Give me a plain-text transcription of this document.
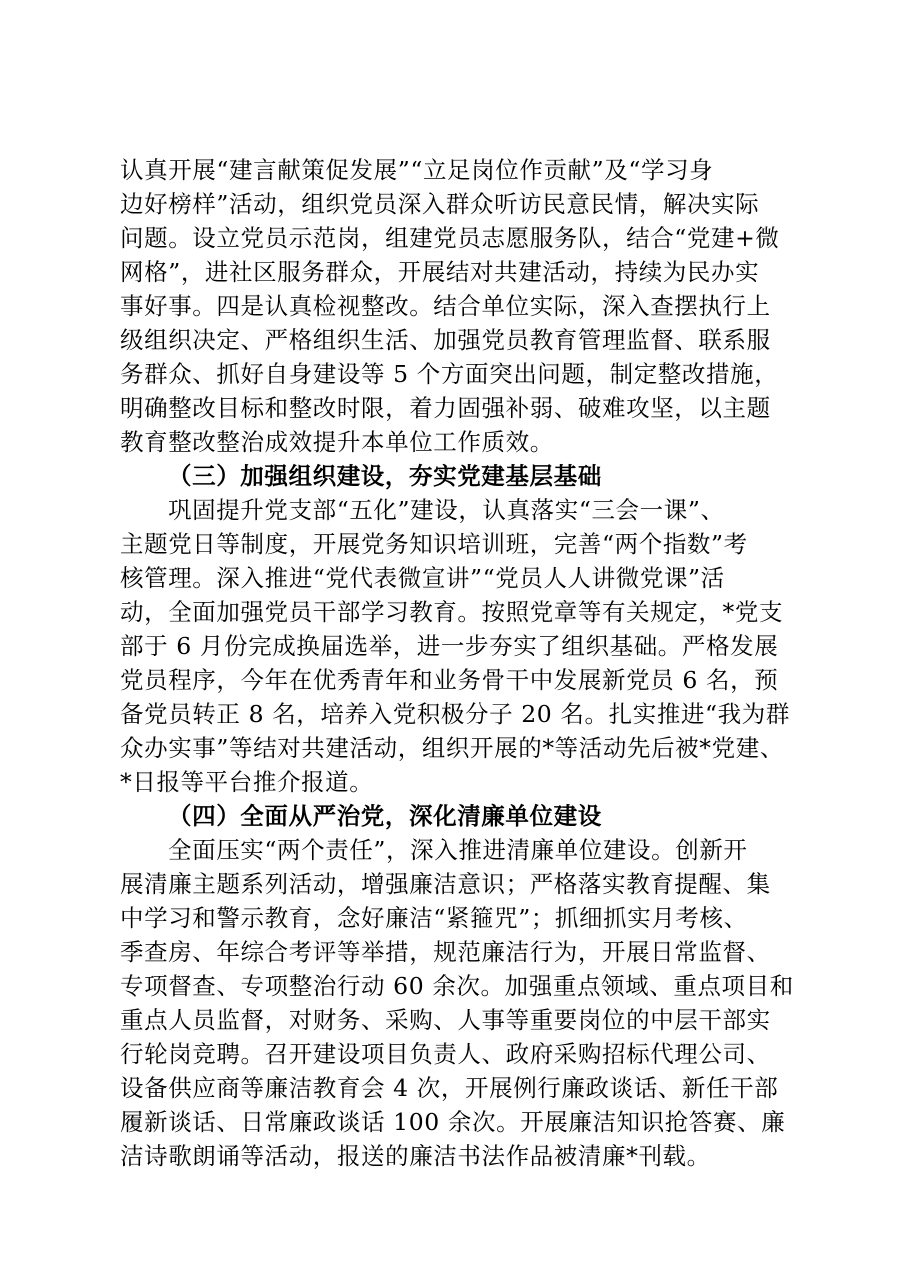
认真开展“建言献策促发展”“立足岗位作贡献”及“学习身
边好榜样”活动，组织党员深入群众听访民意民情，解决实际
问题。设立党员示范岗，组建党员志愿服务队，结合“党建+微
网格”，进社区服务群众，开展结对共建活动，持续为民办实
事好事。四是认真检视整改。结合单位实际，深入查摆执行上
级组织决定、严格组织生活、加强党员教育管理监督、联系服
务群众、抓好自身建设等 5 个方面突出问题，制定整改措施，
明确整改目标和整改时限，着力固强补弱、破难攻坚，以主题
教育整改整治成效提升本单位工作质效。
（三）加强组织建设，夯实党建基层基础
巩固提升党支部“五化”建设，认真落实“三会一课”、
主题党日等制度，开展党务知识培训班，完善“两个指数”考
核管理。深入推进“党代表微宣讲”“党员人人讲微党课”活
动，全面加强党员干部学习教育。按照党章等有关规定，*党支
部于 6 月份完成换届选举，进一步夯实了组织基础。严格发展
党员程序，今年在优秀青年和业务骨干中发展新党员 6 名，预
备党员转正 8 名，培养入党积极分子 20 名。扎实推进“我为群
众办实事”等结对共建活动，组织开展的*等活动先后被*党建、
*日报等平台推介报道。
（四）全面从严治党，深化清廉单位建设
全面压实“两个责任”，深入推进清廉单位建设。创新开
展清廉主题系列活动，增强廉洁意识；严格落实教育提醒、集
中学习和警示教育，念好廉洁“紧箍咒”；抓细抓实月考核、
季查房、年综合考评等举措，规范廉洁行为，开展日常监督、
专项督查、专项整治行动 60 余次。加强重点领域、重点项目和
重点人员监督，对财务、采购、人事等重要岗位的中层干部实
行轮岗竞聘。召开建设项目负责人、政府采购招标代理公司、
设备供应商等廉洁教育会 4 次，开展例行廉政谈话、新任干部
履新谈话、日常廉政谈话 100 余次。开展廉洁知识抢答赛、廉
洁诗歌朗诵等活动，报送的廉洁书法作品被清廉*刊载。
